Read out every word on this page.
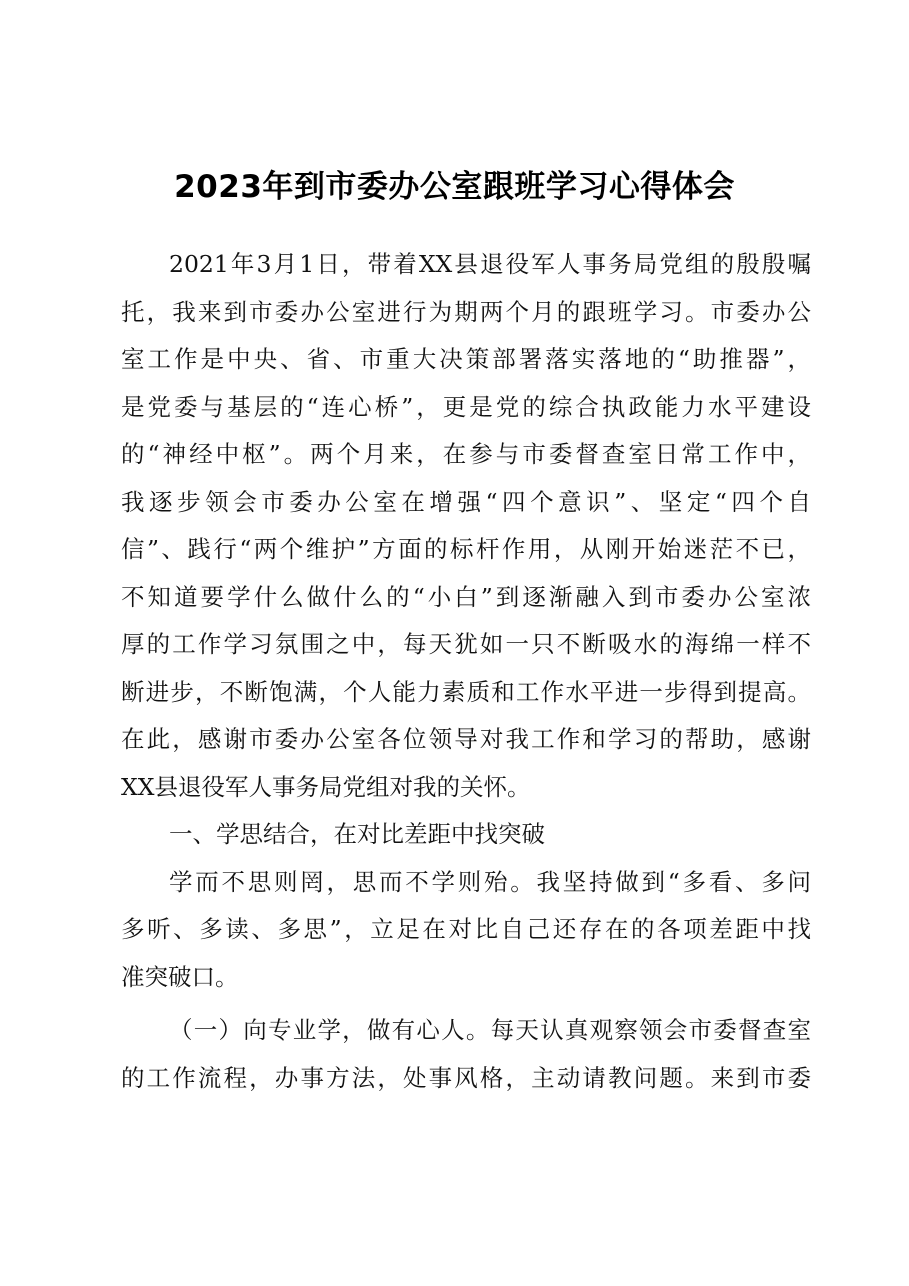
2023年到市委办公室跟班学习心得体会
2021年3月1日，带着XX县退役军人事务局党组的殷殷嘱
托，我来到市委办公室进行为期两个月的跟班学习。市委办公
室工作是中央、省、市重大决策部署落实落地的“助推器”，
是党委与基层的“连心桥”，更是党的综合执政能力水平建设
的“神经中枢”。两个月来，在参与市委督查室日常工作中，
我逐步领会市委办公室在增强“四个意识”、坚定“四个自
信”、践行“两个维护”方面的标杆作用，从刚开始迷茫不已，
不知道要学什么做什么的“小白”到逐渐融入到市委办公室浓
厚的工作学习氛围之中，每天犹如一只不断吸水的海绵一样不
断进步，不断饱满，个人能力素质和工作水平进一步得到提高。
在此，感谢市委办公室各位领导对我工作和学习的帮助，感谢
XX县退役军人事务局党组对我的关怀。
一、学思结合，在对比差距中找突破
学而不思则罔，思而不学则殆。我坚持做到“多看、多问
多听、多读、多思”，立足在对比自己还存在的各项差距中找
准突破口。
（一）向专业学，做有心人。每天认真观察领会市委督查室
的工作流程，办事方法，处事风格，主动请教问题。来到市委
